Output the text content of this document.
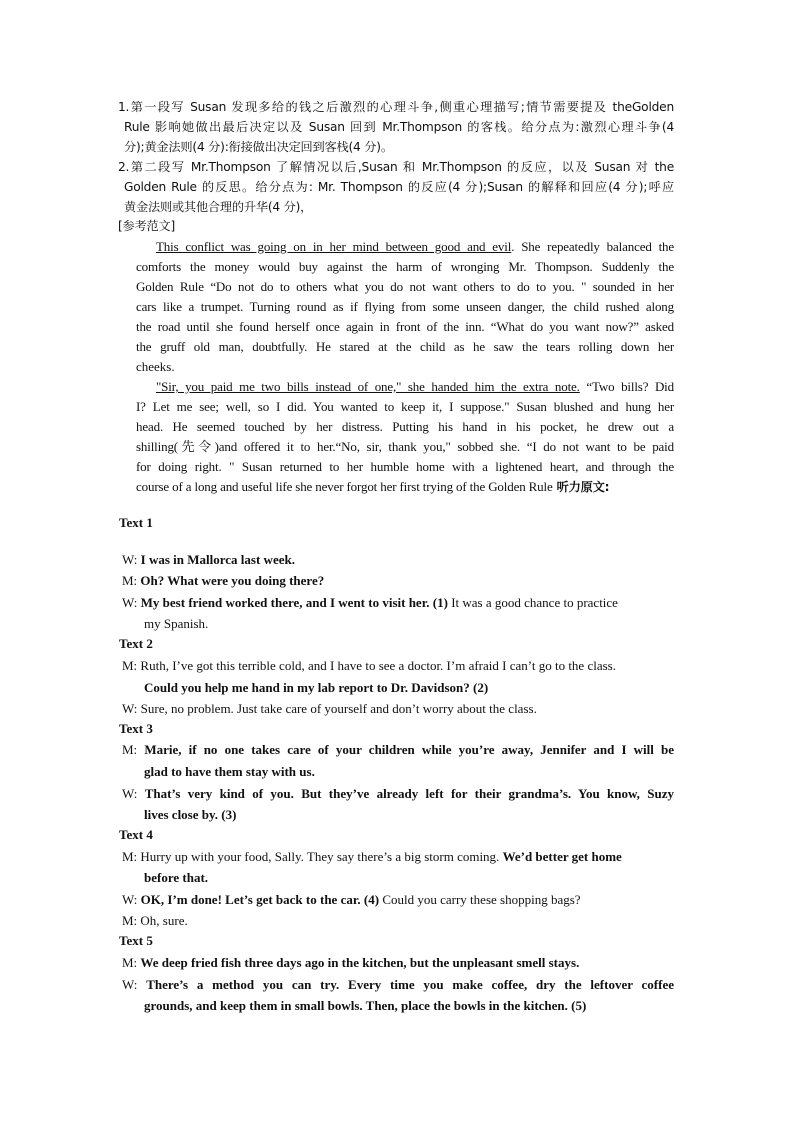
1.第一段写 Susan 发现多给的钱之后激烈的心理斗争,侧重心理描写;情节需要提及 theGolden
Rule 影响她做出最后决定以及 Susan 回到 Mr.Thompson 的客栈。给分点为:激烈心理斗争(4
分);黄金法则(4 分):衔接做出决定回到客栈(4 分)。
2.第二段写 Mr.Thompson 了解情况以后,Susan 和 Mr.Thompson 的反应，以及 Susan 对 the
Golden Rule 的反思。给分点为: Mr. Thompson 的反应(4 分);Susan 的解释和回应(4 分);呼应
黄金法则或其他合理的升华(4 分)，
[参考范文]
This conflict was going on in her mind between good and evil. She repeatedly balanced the
comforts the money would buy against the harm of wronging Mr. Thompson. Suddenly the
Golden Rule “Do not do to others what you do not want others to do to you. " sounded in her
cars like a trumpet. Turning round as if flying from some unseen danger, the child rushed along
the road until she found herself once again in front of the inn. “What do you want now?” asked
the gruff old man, doubtfully. He stared at the child as he saw the tears rolling down her
cheeks.
"Sir, you paid me two bills instead of one," she handed him the extra note. “Two bills? Did
I? Let me see; well, so I did. You wanted to keep it, I suppose." Susan blushed and hung her
head. He seemed touched by her distress. Putting his hand in his pocket, he drew out a
shilling(先令)and offered it to her.“No, sir, thank you," sobbed she. “I do not want to be paid
for doing right. " Susan returned to her humble home with a lightened heart, and through the
course of a long and useful life she never forgot her first trying of the Golden Rule 听力原文:
Text 1
W: I was in Mallorca last week.
M: Oh? What were you doing there?
W: My best friend worked there, and I went to visit her. (1) It was a good chance to practice
my Spanish.
Text 2
M: Ruth, I’ve got this terrible cold, and I have to see a doctor. I’m afraid I can’t go to the class.
Could you help me hand in my lab report to Dr. Davidson? (2)
W: Sure, no problem. Just take care of yourself and don’t worry about the class.
Text 3
M: Marie, if no one takes care of your children while you’re away, Jennifer and I will be
glad to have them stay with us.
W: That’s very kind of you. But they’ve already left for their grandma’s. You know, Suzy
lives close by. (3)
Text 4
M: Hurry up with your food, Sally. They say there’s a big storm coming. We’d better get home
before that.
W: OK, I’m done! Let’s get back to the car. (4) Could you carry these shopping bags?
M: Oh, sure.
Text 5
M: We deep fried fish three days ago in the kitchen, but the unpleasant smell stays.
W: There’s a method you can try. Every time you make coffee, dry the leftover coffee
grounds, and keep them in small bowls. Then, place the bowls in the kitchen. (5)
